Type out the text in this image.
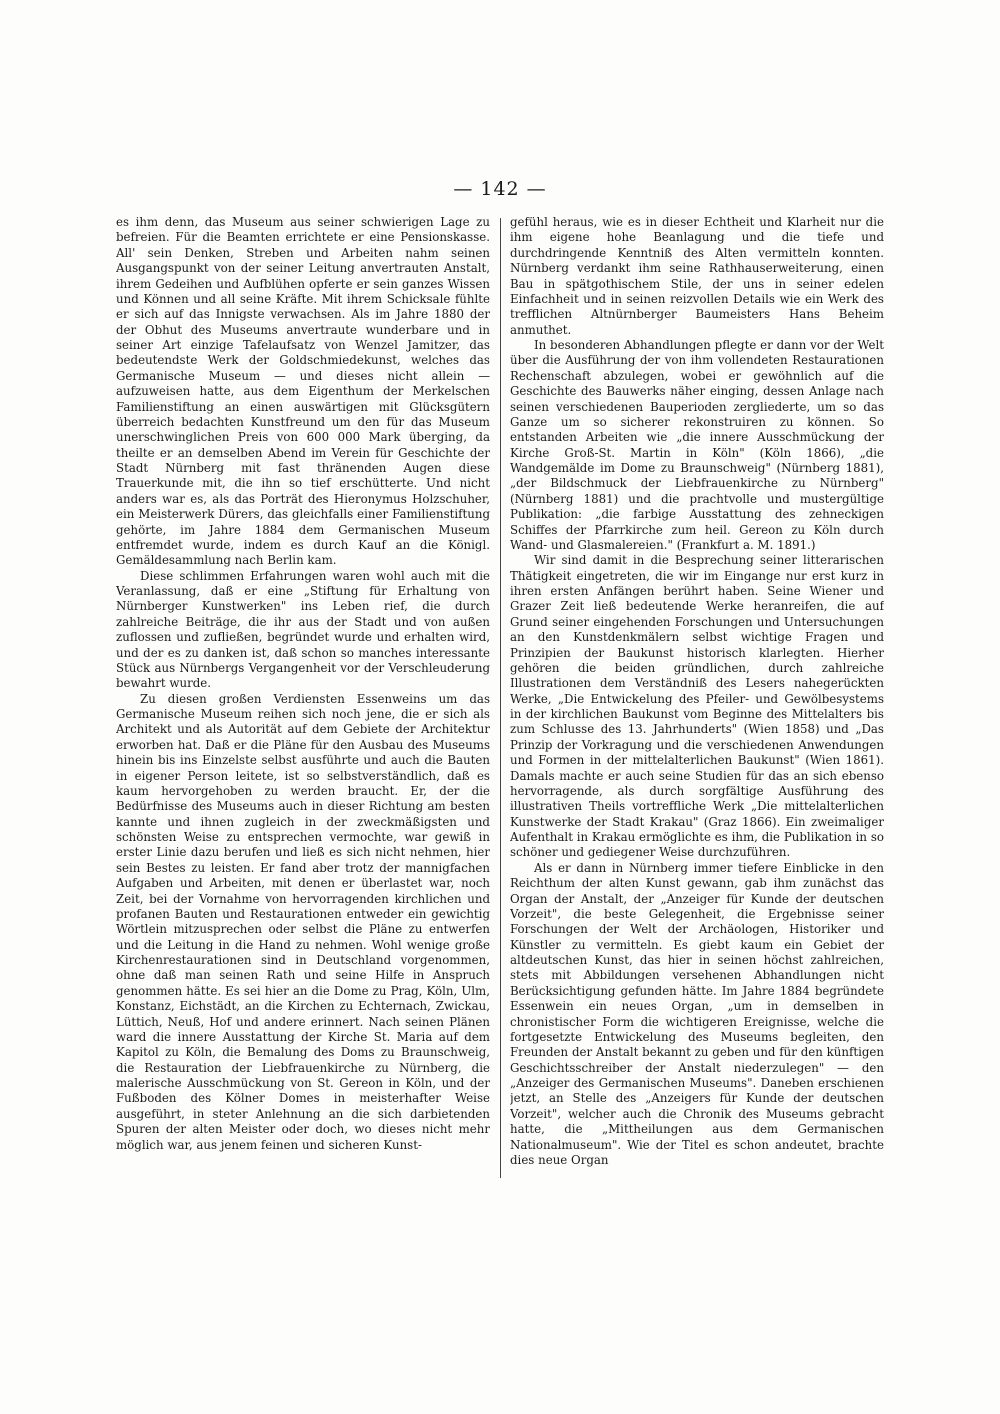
— 142 —

es ihm denn, das Museum aus seiner schwierigen Lage zu befreien. Für die Beamten errichtete er eine Pensionskasse. All' sein Denken, Streben und Arbeiten nahm seinen Ausgangspunkt von der seiner Leitung anvertrauten Anstalt, ihrem Gedeihen und Aufblühen opferte er sein ganzes Wissen und Können und all seine Kräfte. Mit ihrem Schicksale fühlte er sich auf das Innigste verwachsen. Als im Jahre 1880 der der Obhut des Museums anvertraute wunderbare und in seiner Art einzige Tafelaufsatz von Wenzel Jamitzer, das bedeutendste Werk der Goldschmiedekunst, welches das Germanische Museum — und dieses nicht allein — aufzuweisen hatte, aus dem Eigenthum der Merkelschen Familienstiftung an einen auswärtigen mit Glücksgütern überreich bedachten Kunstfreund um den für das Museum unerschwinglichen Preis von 600 000 Mark überging, da theilte er an demselben Abend im Verein für Geschichte der Stadt Nürnberg mit fast thränenden Augen diese Trauerkunde mit, die ihn so tief erschütterte. Und nicht anders war es, als das Porträt des Hieronymus Holzschuher, ein Meisterwerk Dürers, das gleichfalls einer Familienstiftung gehörte, im Jahre 1884 dem Germanischen Museum entfremdet wurde, indem es durch Kauf an die Königl. Gemäldesammlung nach Berlin kam.

Diese schlimmen Erfahrungen waren wohl auch mit die Veranlassung, daß er eine „Stiftung für Erhaltung von Nürnberger Kunstwerken" ins Leben rief, die durch zahlreiche Beiträge, die ihr aus der Stadt und von außen zuflossen und zufließen, begründet wurde und erhalten wird, und der es zu danken ist, daß schon so manches interessante Stück aus Nürnbergs Vergangenheit vor der Verschleuderung bewahrt wurde.

Zu diesen großen Verdiensten Essenweins um das Germanische Museum reihen sich noch jene, die er sich als Architekt und als Autorität auf dem Gebiete der Architektur erworben hat. Daß er die Pläne für den Ausbau des Museums hinein bis ins Einzelste selbst ausführte und auch die Bauten in eigener Person leitete, ist so selbstverständlich, daß es kaum hervorgehoben zu werden braucht. Er, der die Bedürfnisse des Museums auch in dieser Richtung am besten kannte und ihnen zugleich in der zweckmäßigsten und schönsten Weise zu entsprechen vermochte, war gewiß in erster Linie dazu berufen und ließ es sich nicht nehmen, hier sein Bestes zu leisten. Er fand aber trotz der mannigfachen Aufgaben und Arbeiten, mit denen er überlastet war, noch Zeit, bei der Vornahme von hervorragenden kirchlichen und profanen Bauten und Restaurationen entweder ein gewichtig Wörtlein mitzusprechen oder selbst die Pläne zu entwerfen und die Leitung in die Hand zu nehmen. Wohl wenige große Kirchenrestaurationen sind in Deutschland vorgenommen, ohne daß man seinen Rath und seine Hilfe in Anspruch genommen hätte. Es sei hier an die Dome zu Prag, Köln, Ulm, Konstanz, Eichstädt, an die Kirchen zu Echternach, Zwickau, Lüttich, Neuß, Hof und andere erinnert. Nach seinen Plänen ward die innere Ausstattung der Kirche St. Maria auf dem Kapitol zu Köln, die Bemalung des Doms zu Braunschweig, die Restauration der Liebfrauenkirche zu Nürnberg, die malerische Ausschmückung von St. Gereon in Köln, und der Fußboden des Kölner Domes in meisterhafter Weise ausgeführt, in steter Anlehnung an die sich darbietenden Spuren der alten Meister oder doch, wo dieses nicht mehr möglich war, aus jenem feinen und sicheren Kunst-

gefühl heraus, wie es in dieser Echtheit und Klarheit nur die ihm eigene hohe Beanlagung und die tiefe und durchdringende Kenntniß des Alten vermitteln konnten. Nürnberg verdankt ihm seine Rathhauserweiterung, einen Bau in spätgothischem Stile, der uns in seiner edelen Einfachheit und in seinen reizvollen Details wie ein Werk des trefflichen Altnürnberger Baumeisters Hans Beheim anmuthet.

In besonderen Abhandlungen pflegte er dann vor der Welt über die Ausführung der von ihm vollendeten Restaurationen Rechenschaft abzulegen, wobei er gewöhnlich auf die Geschichte des Bauwerks näher einging, dessen Anlage nach seinen verschiedenen Bauperioden zergliederte, um so das Ganze um so sicherer rekonstruiren zu können. So entstanden Arbeiten wie „die innere Ausschmückung der Kirche Groß-St. Martin in Köln" (Köln 1866), „die Wandgemälde im Dome zu Braunschweig" (Nürnberg 1881), „der Bildschmuck der Liebfrauenkirche zu Nürnberg" (Nürnberg 1881) und die prachtvolle und mustergültige Publikation: „die farbige Ausstattung des zehneckigen Schiffes der Pfarrkirche zum heil. Gereon zu Köln durch Wand- und Glasmalereien." (Frankfurt a. M. 1891.)

Wir sind damit in die Besprechung seiner litterarischen Thätigkeit eingetreten, die wir im Eingange nur erst kurz in ihren ersten Anfängen berührt haben. Seine Wiener und Grazer Zeit ließ bedeutende Werke heranreifen, die auf Grund seiner eingehenden Forschungen und Untersuchungen an den Kunstdenkmälern selbst wichtige Fragen und Prinzipien der Baukunst historisch klarlegten. Hierher gehören die beiden gründlichen, durch zahlreiche Illustrationen dem Verständniß des Lesers nahegerückten Werke, „Die Entwickelung des Pfeiler- und Gewölbesystems in der kirchlichen Baukunst vom Beginne des Mittelalters bis zum Schlusse des 13. Jahrhunderts" (Wien 1858) und „Das Prinzip der Vorkragung und die verschiedenen Anwendungen und Formen in der mittelalterlichen Baukunst" (Wien 1861). Damals machte er auch seine Studien für das an sich ebenso hervorragende, als durch sorgfältige Ausführung des illustrativen Theils vortreffliche Werk „Die mittelalterlichen Kunstwerke der Stadt Krakau" (Graz 1866). Ein zweimaliger Aufenthalt in Krakau ermöglichte es ihm, die Publikation in so schöner und gediegener Weise durchzuführen.

Als er dann in Nürnberg immer tiefere Einblicke in den Reichthum der alten Kunst gewann, gab ihm zunächst das Organ der Anstalt, der „Anzeiger für Kunde der deutschen Vorzeit", die beste Gelegenheit, die Ergebnisse seiner Forschungen der Welt der Archäologen, Historiker und Künstler zu vermitteln. Es giebt kaum ein Gebiet der altdeutschen Kunst, das hier in seinen höchst zahlreichen, stets mit Abbildungen versehenen Abhandlungen nicht Berücksichtigung gefunden hätte. Im Jahre 1884 begründete Essenwein ein neues Organ, „um in demselben in chronistischer Form die wichtigeren Ereignisse, welche die fortgesetzte Entwickelung des Museums begleiten, den Freunden der Anstalt bekannt zu geben und für den künftigen Geschichtsschreiber der Anstalt niederzulegen" — den „Anzeiger des Germanischen Museums". Daneben erschienen jetzt, an Stelle des „Anzeigers für Kunde der deutschen Vorzeit", welcher auch die Chronik des Museums gebracht hatte, die „Mittheilungen aus dem Germanischen Nationalmuseum". Wie der Titel es schon andeutet, brachte dies neue Organ
